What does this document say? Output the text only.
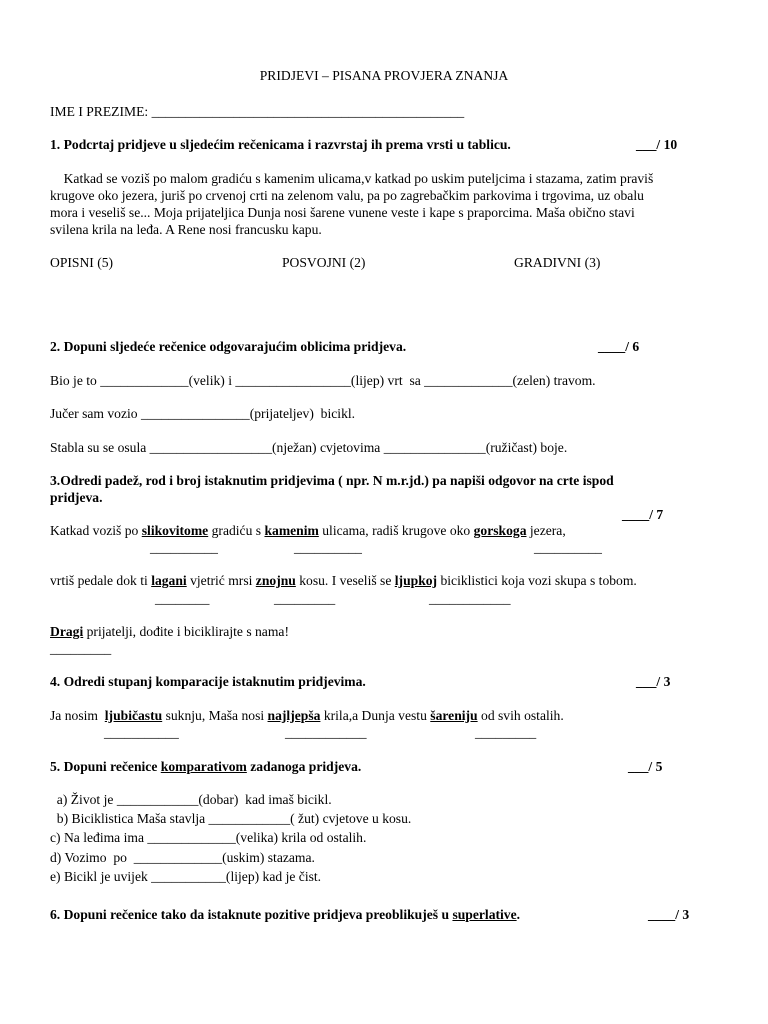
PRIDJEVI – PISANA PROVJERA ZNANJA
IME I PREZIME: ______________________________________________
1. Podcrtaj pridjeve u sljedećim rečenicama i razvrstaj ih prema vrsti u tablicu.	___/ 10
Katkad se voziš po malom gradiću s kamenim ulicama,v katkad po uskim puteljcima i stazama, zatim praviš
krugove oko jezera, juriš po crvenoj crti na zelenom valu, pa po zagrebačkim parkovima i trgovima, uz obalu
mora i veseliš se... Moja prijateljica Dunja nosi šarene vunene veste i kape s praporcima. Maša obično stavi
svilena krila na leđa. A Rene nosi francusku kapu.
OPISNI (5)	POSVOJNI (2)	GRADIVNI (3)
2. Dopuni sljedeće rečenice odgovarajućim oblicima pridjeva.	____/ 6
Bio je to _____________(velik) i _________________(lijep) vrt  sa _____________(zelen) travom.
Jučer sam vozio ________________(prijateljev)  bicikl.
Stabla su se osula __________________(nježan) cvjetovima _______________(ružičast) boje.
3.Odredi padež, rod i broj istaknutim pridjevima ( npr. N m.r.jd.) pa napiši odgovor na crte ispod
pridjeva.
____/ 7
Katkad voziš po slikovitome gradiću s kamenim ulicama, radiš krugove oko gorskoga jezera,
__________	__________	__________
vrtiš pedale dok ti lagani vjetrić mrsi znojnu kosu. I veseliš se ljupkoj biciklistici koja vozi skupa s tobom.
________	_________	____________
Dragi prijatelji, dođite i biciklirajte s nama!
_________
4. Odredi stupanj komparacije istaknutim pridjevima.	___/ 3
Ja nosim  ljubičastu suknju, Maša nosi najljepša krila,a Dunja vestu šareniju od svih ostalih.
___________	____________	_________
5. Dopuni rečenice komparativom zadanoga pridjeva.	___/ 5
a) Život je ____________(dobar)  kad imaš bicikl.
b) Biciklistica Maša stavlja ____________( žut) cvjetove u kosu.
c) Na leđima ima _____________(velika) krila od ostalih.
d) Vozimo  po  _____________(uskim) stazama.
e) Bicikl je uvijek ___________(lijep) kad je čist.
6. Dopuni rečenice tako da istaknute pozitive pridjeva preoblikuješ u superlative.	____/ 3
